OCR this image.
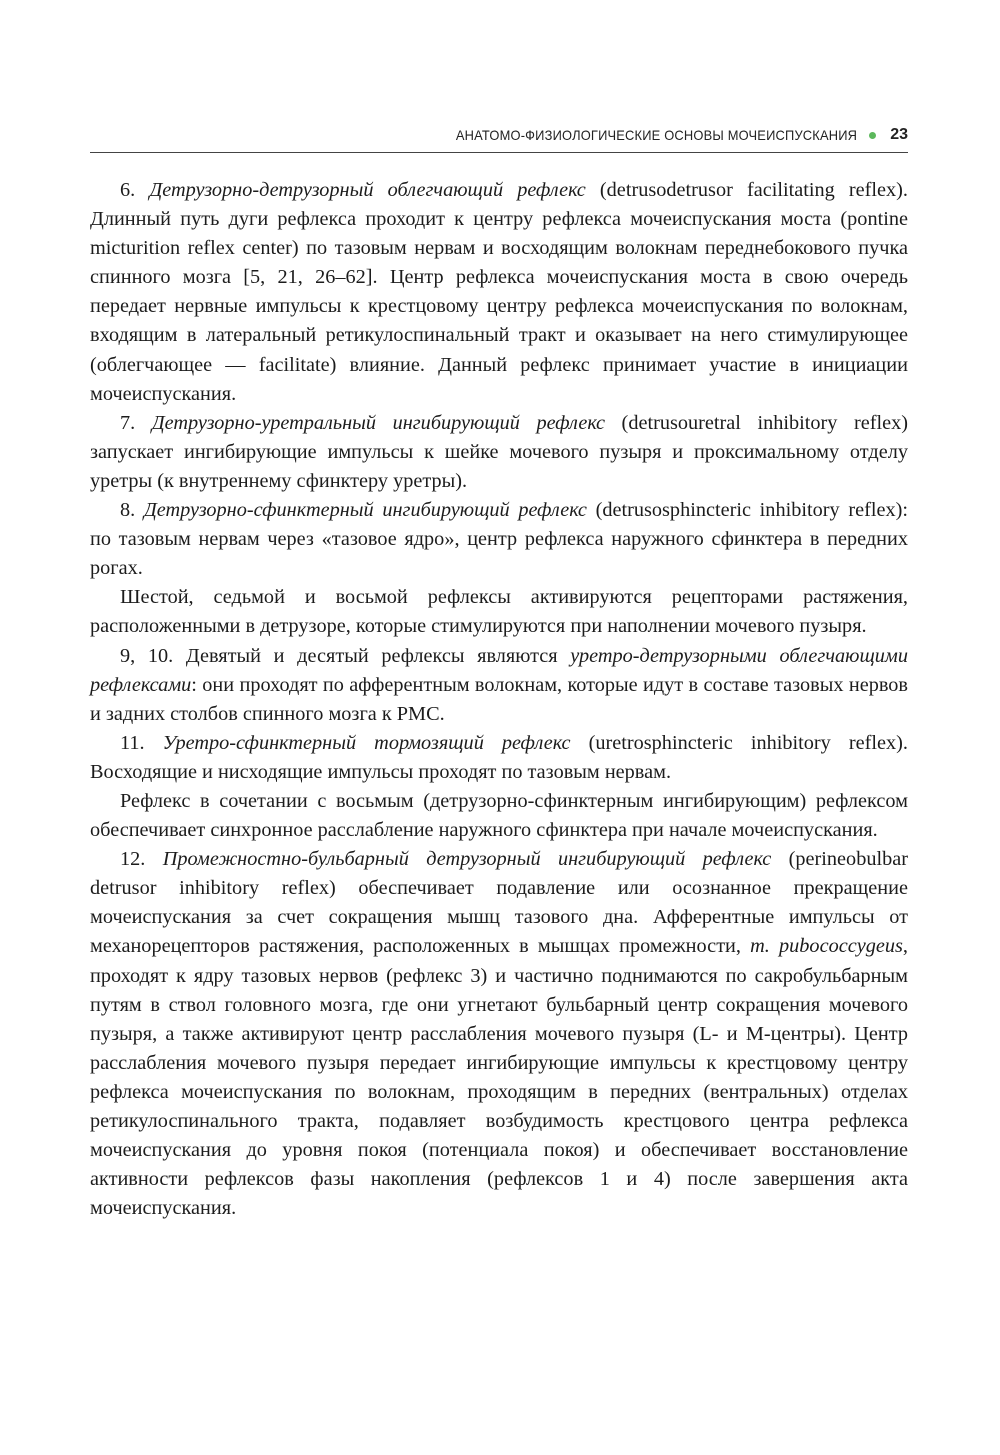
АНАТОМО-ФИЗИОЛОГИЧЕСКИЕ ОСНОВЫ МОЧЕИСПУСКАНИЯ 23

6. Детрузорно-детрузорный облегчающий рефлекс (detrusodetrusor facilitating reflex). Длинный путь дуги рефлекса проходит к центру рефлекса мочеиспускания моста (pontine micturition reflex center) по тазовым нервам и восходящим волокнам переднебокового пучка спинного мозга [5, 21, 26–62]. Центр рефлекса мочеиспускания моста в свою очередь передает нервные импульсы к крестцовому центру рефлекса мочеиспускания по волокнам, входящим в латеральный ретикулоспинальный тракт и оказывает на него стимулирующее (облегчающее — facilitate) влияние. Данный рефлекс принимает участие в инициации мочеиспускания.

7. Детрузорно-уретральный ингибирующий рефлекс (detrusouretral inhibitory reflex) запускает ингибирующие импульсы к шейке мочевого пузыря и проксимальному отделу уретры (к внутреннему сфинктеру уретры).

8. Детрузорно-сфинктерный ингибирующий рефлекс (detrusosphincteric inhibitory reflex): по тазовым нервам через «тазовое ядро», центр рефлекса наружного сфинктера в передних рогах.

Шестой, седьмой и восьмой рефлексы активируются рецепторами растяжения, расположенными в детрузоре, которые стимулируются при наполнении мочевого пузыря.

9, 10. Девятый и десятый рефлексы являются уретро-детрузорными облегчающими рефлексами: они проходят по афферентным волокнам, которые идут в составе тазовых нервов и задних столбов спинного мозга к PMC.

11. Уретро-сфинктерный тормозящий рефлекс (uretrosphincteric inhibitory reflex). Восходящие и нисходящие импульсы проходят по тазовым нервам.

Рефлекс в сочетании с восьмым (детрузорно-сфинктерным ингибирующим) рефлексом обеспечивает синхронное расслабление наружного сфинктера при начале мочеиспускания.

12. Промежностно-бульбарный детрузорный ингибирующий рефлекс (perineobulbar detrusor inhibitory reflex) обеспечивает подавление или осознанное прекращение мочеиспускания за счет сокращения мышц тазового дна. Афферентные импульсы от механорецепторов растяжения, расположенных в мышцах промежности, m. pubococcygeus, проходят к ядру тазовых нервов (рефлекс 3) и частично поднимаются по сакробульбарным путям в ствол головного мозга, где они угнетают бульбарный центр сокращения мочевого пузыря, а также активируют центр расслабления мочевого пузыря (L- и М-центры). Центр расслабления мочевого пузыря передает ингибирующие импульсы к крестцовому центру рефлекса мочеиспускания по волокнам, проходящим в передних (вентральных) отделах ретикулоспинального тракта, подавляет возбудимость крестцового центра рефлекса мочеиспускания до уровня покоя (потенциала покоя) и обеспечивает восстановление активности рефлексов фазы накопления (рефлексов 1 и 4) после завершения акта мочеиспускания.
